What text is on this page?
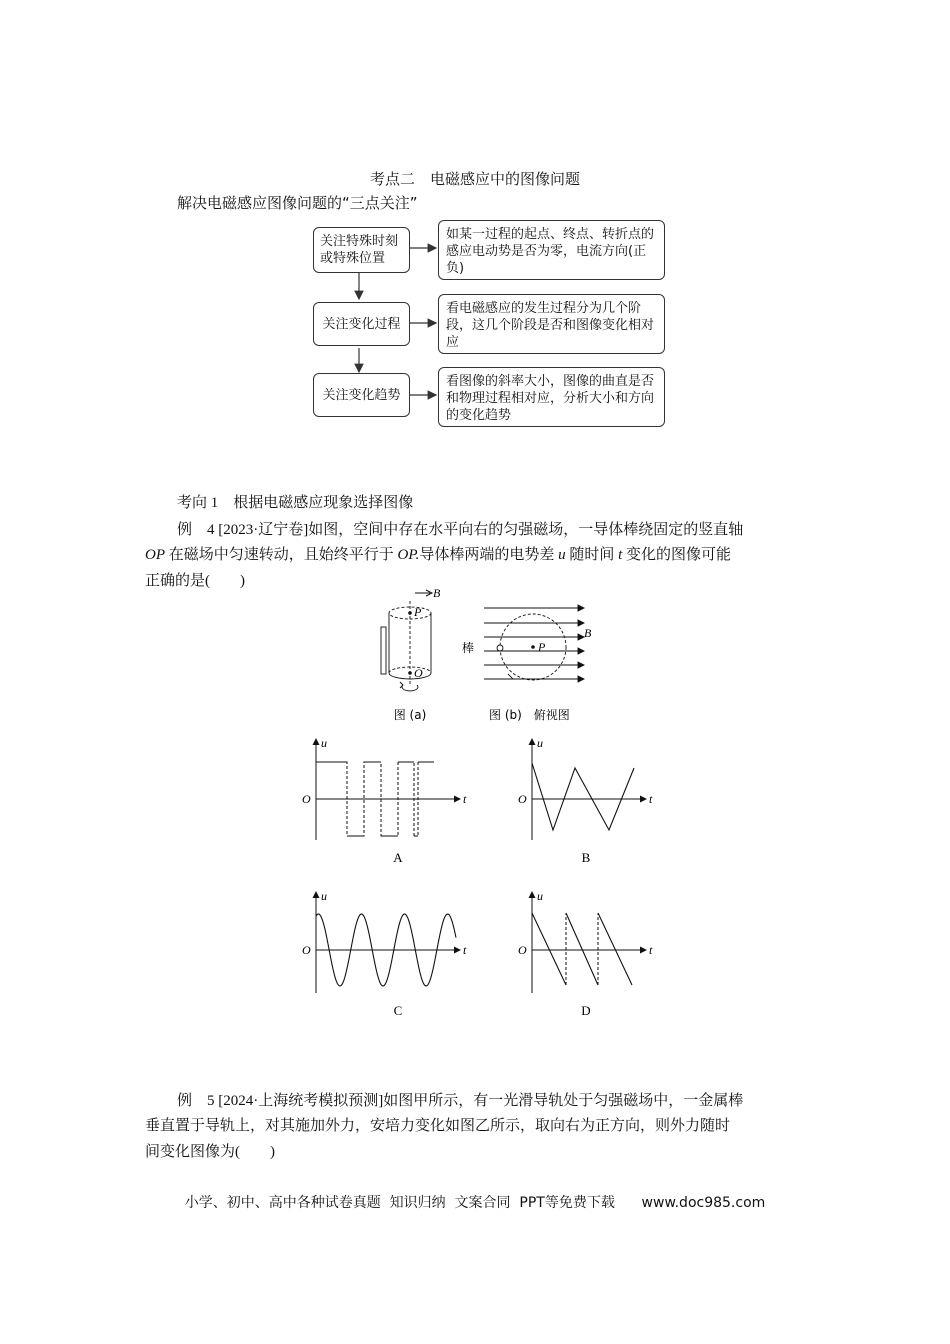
考点二　电磁感应中的图像问题
解决电磁感应图像问题的“三点关注”
关注特殊时刻或特殊位置
关注变化过程
关注变化趋势
如某一过程的起点、终点、转折点的感应电动势是否为零，电流方向(正负)
看电磁感应的发生过程分为几个阶段，这几个阶段是否和图像变化相对应
看图像的斜率大小，图像的曲直是否和物理过程相对应，分析大小和方向的变化趋势
考向 1　根据电磁感应现象选择图像
例　4 [2023·辽宁卷]如图，空间中存在水平向右的匀强磁场，一导体棒绕固定的竖直轴
OP 在磁场中匀速转动，且始终平行于 OP.导体棒两端的电势差 u 随时间 t 变化的图像可能
正确的是(　　)
B
P
O
图 (a)
P
B
棒
图 (b)　俯视图
u
t
O
A
u
t
O
B
u
t
O
C
u
t
O
D
例　5 [2024·上海统考模拟预测]如图甲所示，有一光滑导轨处于匀强磁场中，一金属棒
垂直置于导轨上，对其施加外力，安培力变化如图乙所示，取向右为正方向，则外力随时
间变化图像为(　　)
小学、初中、高中各种试卷真题  知识归纳  文案合同  PPT等免费下载      www.doc985.com
